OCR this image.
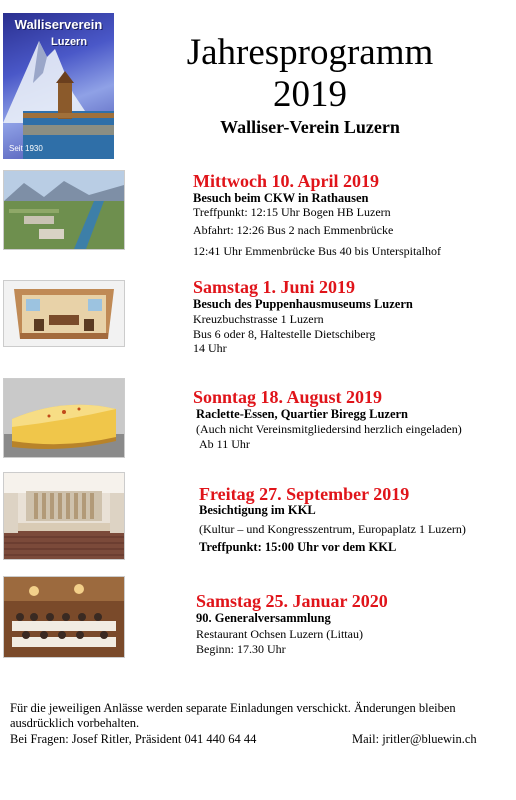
Walliserverein
Luzern
Seit 1930
Jahresprogramm
2019
Walliser-Verein Luzern
Mittwoch 10. April 2019
Besuch beim CKW in Rathausen
Treffpunkt: 12:15 Uhr Bogen HB Luzern
Abfahrt: 12:26 Bus 2 nach Emmenbrücke
12:41 Uhr Emmenbrücke Bus 40 bis Unterspitalhof
Samstag 1. Juni 2019
Besuch des Puppenhausmuseums Luzern
Kreuzbuchstrasse 1 Luzern
Bus 6 oder 8, Haltestelle Dietschiberg
14 Uhr
Sonntag 18. August 2019
Raclette-Essen, Quartier Biregg Luzern
(Auch nicht Vereinsmitgliedersind herzlich eingeladen)
Ab 11 Uhr
Freitag 27. September 2019
Besichtigung im KKL
(Kultur – und Kongresszentrum, Europaplatz 1 Luzern)
Treffpunkt: 15:00 Uhr vor dem KKL
Samstag 25. Januar 2020
90. Generalversammlung
Restaurant Ochsen Luzern (Littau)
Beginn: 17.30 Uhr
Für die jeweiligen Anlässe werden separate Einladungen verschickt. Änderungen bleiben ausdrücklich vorbehalten.
Bei Fragen: Josef Ritler, Präsident 041 440 64 44	Mail: jritler@bluewin.ch
